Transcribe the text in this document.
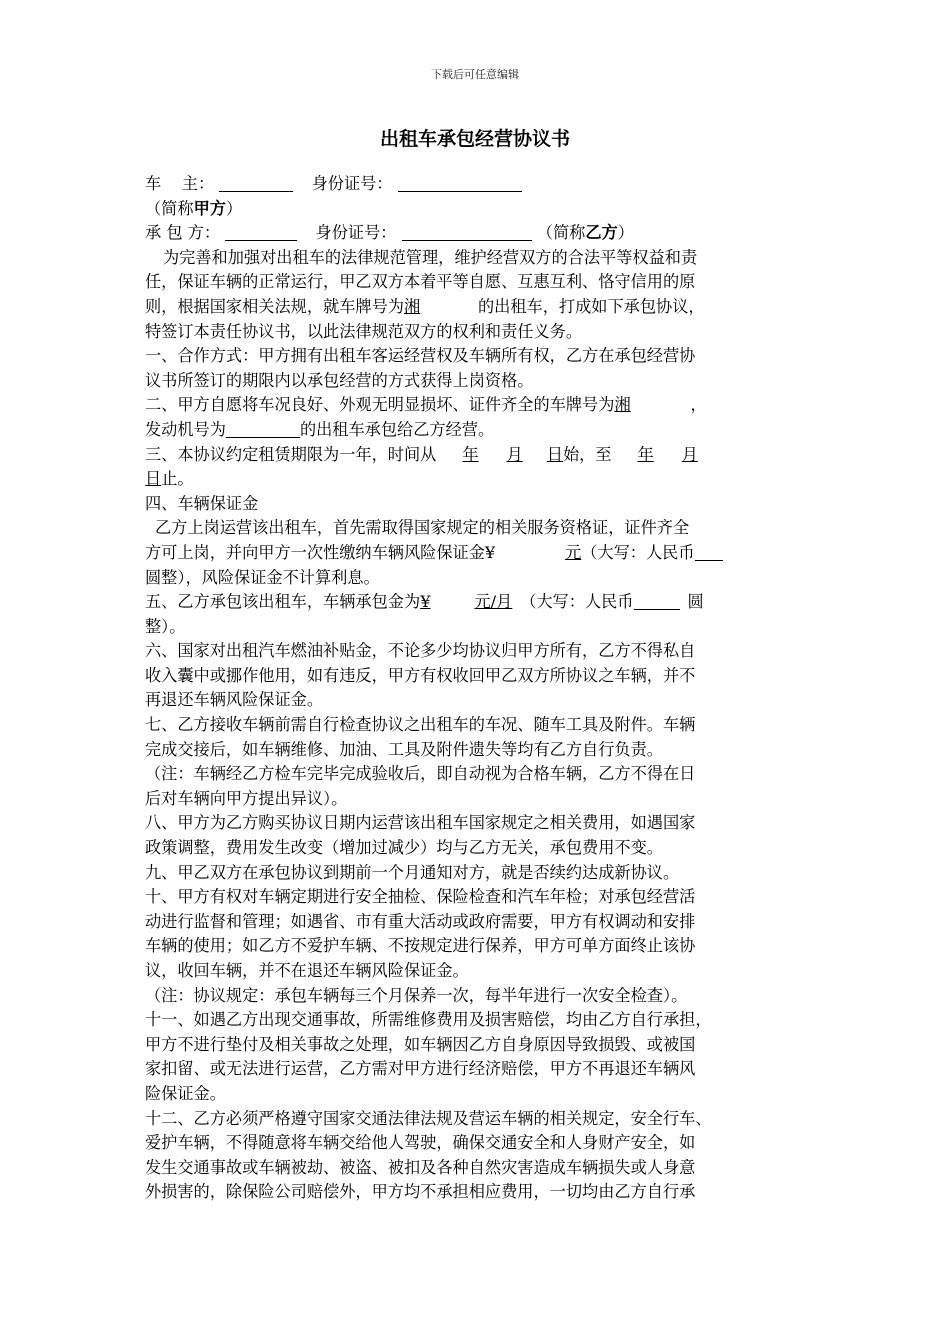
下载后可任意编辑
出租车承包经营协议书
车    主：	身份证号：
（简称甲方）
承 包 方：	身份证号：	（简称乙方）
为完善和加强对出租车的法律规范管理，维护经营双方的合法平等权益和责
任，保证车辆的正常运行，甲乙双方本着平等自愿、互惠互利、恪守信用的原
则，根据国家相关法规，就车牌号为湘	的出租车，打成如下承包协议，
特签订本责任协议书，以此法律规范双方的权利和责任义务。
一、合作方式：甲方拥有出租车客运经营权及车辆所有权，乙方在承包经营协
议书所签订的期限内以承包经营的方式获得上岗资格。
二、甲方自愿将车况良好、外观无明显损坏、证件齐全的车牌号为湘	，
发动机号为	的出租车承包给乙方经营。
三、本协议约定租赁期限为一年，时间从 年 月 日始，至 年 月
日止。
四、车辆保证金
乙方上岗运营该出租车，首先需取得国家规定的相关服务资格证，证件齐全
方可上岗，并向甲方一次性缴纳车辆风险保证金¥	元（大写：人民币
圆整），风险保证金不计算利息。
五、乙方承包该出租车，车辆承包金为¥	元/月 （大写：人民币	圆
整）。
六、国家对出租汽车燃油补贴金，不论多少均协议归甲方所有，乙方不得私自
收入囊中或挪作他用，如有违反，甲方有权收回甲乙双方所协议之车辆，并不
再退还车辆风险保证金。
七、乙方接收车辆前需自行检查协议之出租车的车况、随车工具及附件。车辆
完成交接后，如车辆维修、加油、工具及附件遗失等均有乙方自行负责。
（注：车辆经乙方检车完毕完成验收后，即自动视为合格车辆，乙方不得在日
后对车辆向甲方提出异议）。
八、甲方为乙方购买协议日期内运营该出租车国家规定之相关费用，如遇国家
政策调整，费用发生改变（增加过减少）均与乙方无关，承包费用不变。
九、甲乙双方在承包协议到期前一个月通知对方，就是否续约达成新协议。
十、甲方有权对车辆定期进行安全抽检、保险检查和汽车年检；对承包经营活
动进行监督和管理；如遇省、市有重大活动或政府需要，甲方有权调动和安排
车辆的使用；如乙方不爱护车辆、不按规定进行保养，甲方可单方面终止该协
议，收回车辆，并不在退还车辆风险保证金。
（注：协议规定：承包车辆每三个月保养一次，每半年进行一次安全检查）。
十一、如遇乙方出现交通事故，所需维修费用及损害赔偿，均由乙方自行承担，
甲方不进行垫付及相关事故之处理，如车辆因乙方自身原因导致损毁、或被国
家扣留、或无法进行运营，乙方需对甲方进行经济赔偿，甲方不再退还车辆风
险保证金。
十二、乙方必须严格遵守国家交通法律法规及营运车辆的相关规定，安全行车、
爱护车辆，不得随意将车辆交给他人驾驶，确保交通安全和人身财产安全，如
发生交通事故或车辆被劫、被盗、被扣及各种自然灾害造成车辆损失或人身意
外损害的，除保险公司赔偿外，甲方均不承担相应费用，一切均由乙方自行承
